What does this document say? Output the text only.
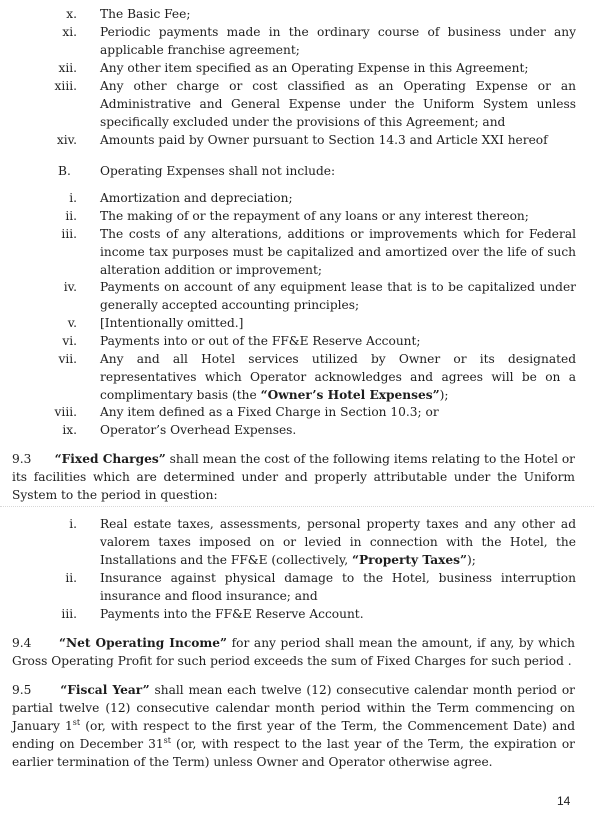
x. The Basic Fee;
xi. Periodic payments made in the ordinary course of business under any applicable franchise agreement;
xii. Any other item specified as an Operating Expense in this Agreement;
xiii. Any other charge or cost classified as an Operating Expense or an Administrative and General Expense under the Uniform System unless specifically excluded under the provisions of this Agreement; and
xiv. Amounts paid by Owner pursuant to Section 14.3 and Article XXI hereof
B.	Operating Expenses shall not include:
i. Amortization and depreciation;
ii. The making of or the repayment of any loans or any interest thereon;
iii. The costs of any alterations, additions or improvements which for Federal income tax purposes must be capitalized and amortized over the life of such alteration addition or improvement;
iv. Payments on account of any equipment lease that is to be capitalized under generally accepted accounting principles;
v. [Intentionally omitted.]
vi. Payments into or out of the FF&E Reserve Account;
vii. Any and all Hotel services utilized by Owner or its designated representatives which Operator acknowledges and agrees will be on a complimentary basis (the “Owner’s Hotel Expenses”);
viii. Any item defined as a Fixed Charge in Section 10.3; or
ix. Operator’s Overhead Expenses.
9.3 “Fixed Charges” shall mean the cost of the following items relating to the Hotel or its facilities which are determined under and properly attributable under the Uniform System to the period in question:
i. Real estate taxes, assessments, personal property taxes and any other ad valorem taxes imposed on or levied in connection with the Hotel, the Installations and the FF&E (collectively, “Property Taxes”);
ii. Insurance against physical damage to the Hotel, business interruption insurance and flood insurance; and
iii. Payments into the FF&E Reserve Account.
9.4 “Net Operating Income” for any period shall mean the amount, if any, by which Gross Operating Profit for such period exceeds the sum of Fixed Charges for such period .
9.5 “Fiscal Year” shall mean each twelve (12) consecutive calendar month period or partial twelve (12) consecutive calendar month period within the Term commencing on January 1st (or, with respect to the first year of the Term, the Commencement Date) and ending on December 31st (or, with respect to the last year of the Term, the expiration or earlier termination of the Term) unless Owner and Operator otherwise agree.
14
